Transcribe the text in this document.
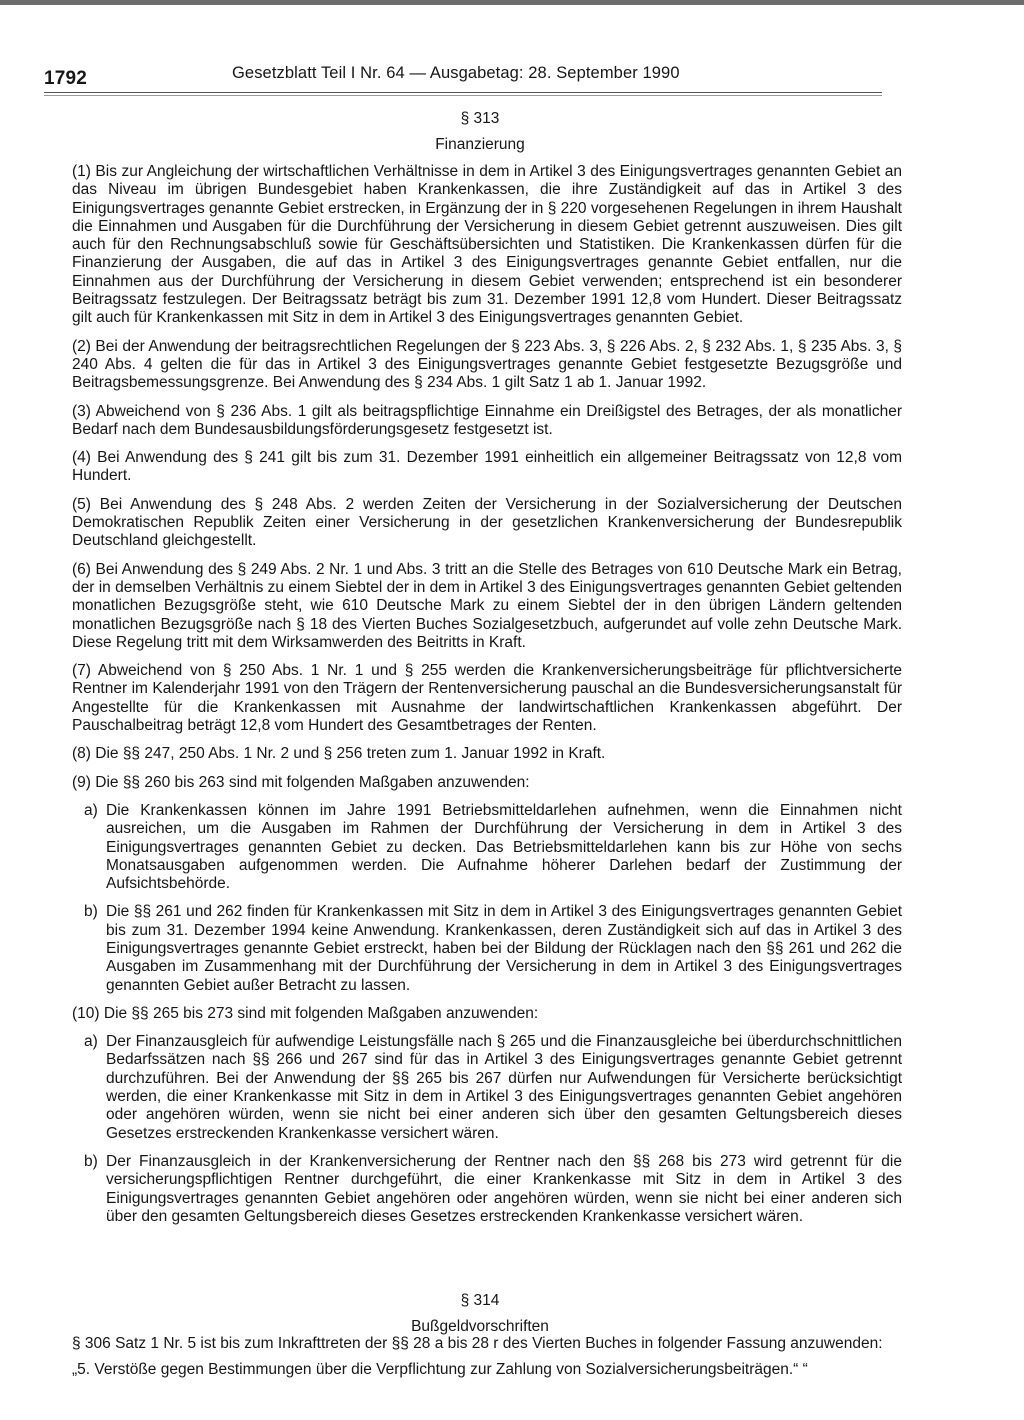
1792	Gesetzblatt Teil I Nr. 64 — Ausgabetag: 28. September 1990
§ 313
Finanzierung

(1) Bis zur Angleichung der wirtschaftlichen Verhältnisse in dem in Artikel 3 des Einigungsvertrages genannten Gebiet an das Niveau im übrigen Bundesgebiet haben Krankenkassen, die ihre Zuständigkeit auf das in Artikel 3 des Einigungsvertrages genannte Gebiet erstrecken, in Ergänzung der in § 220 vorgesehenen Regelungen in ihrem Haushalt die Einnahmen und Ausgaben für die Durchführung der Versicherung in diesem Gebiet getrennt auszuweisen. Dies gilt auch für den Rechnungsabschluß sowie für Geschäftsübersichten und Statistiken. Die Krankenkassen dürfen für die Finanzierung der Ausgaben, die auf das in Artikel 3 des Einigungsvertrages genannte Gebiet entfallen, nur die Einnahmen aus der Durchführung der Versicherung in diesem Gebiet verwenden; entsprechend ist ein besonderer Beitragssatz festzulegen. Der Beitragssatz beträgt bis zum 31. Dezember 1991 12,8 vom Hundert. Dieser Beitragssatz gilt auch für Krankenkassen mit Sitz in dem in Artikel 3 des Einigungsvertrages genannten Gebiet.

(2) Bei der Anwendung der beitragsrechtlichen Regelungen der § 223 Abs. 3, § 226 Abs. 2, § 232 Abs. 1, § 235 Abs. 3, § 240 Abs. 4 gelten die für das in Artikel 3 des Einigungsvertrages genannte Gebiet festgesetzte Bezugsgröße und Beitragsbemessungsgrenze. Bei Anwendung des § 234 Abs. 1 gilt Satz 1 ab 1. Januar 1992.

(3) Abweichend von § 236 Abs. 1 gilt als beitragspflichtige Einnahme ein Dreißigstel des Betrages, der als monatlicher Bedarf nach dem Bundesausbildungsförderungsgesetz festgesetzt ist.

(4) Bei Anwendung des § 241 gilt bis zum 31. Dezember 1991 einheitlich ein allgemeiner Beitragssatz von 12,8 vom Hundert.

(5) Bei Anwendung des § 248 Abs. 2 werden Zeiten der Versicherung in der Sozialversicherung der Deutschen Demokratischen Republik Zeiten einer Versicherung in der gesetzlichen Krankenversicherung der Bundesrepublik Deutschland gleichgestellt.

(6) Bei Anwendung des § 249 Abs. 2 Nr. 1 und Abs. 3 tritt an die Stelle des Betrages von 610 Deutsche Mark ein Betrag, der in demselben Verhältnis zu einem Siebtel der in dem in Artikel 3 des Einigungsvertrages genannten Gebiet geltenden monatlichen Bezugsgröße steht, wie 610 Deutsche Mark zu einem Siebtel der in den übrigen Ländern geltenden monatlichen Bezugsgröße nach § 18 des Vierten Buches Sozialgesetzbuch, aufgerundet auf volle zehn Deutsche Mark. Diese Regelung tritt mit dem Wirksamwerden des Beitritts in Kraft.

(7) Abweichend von § 250 Abs. 1 Nr. 1 und § 255 werden die Krankenversicherungsbeiträge für pflichtversicherte Rentner im Kalenderjahr 1991 von den Trägern der Rentenversicherung pauschal an die Bundesversicherungsanstalt für Angestellte für die Krankenkassen mit Ausnahme der landwirtschaftlichen Krankenkassen abgeführt. Der Pauschalbeitrag beträgt 12,8 vom Hundert des Gesamtbetrages der Renten.

(8) Die §§ 247, 250 Abs. 1 Nr. 2 und § 256 treten zum 1. Januar 1992 in Kraft.

(9) Die §§ 260 bis 263 sind mit folgenden Maßgaben anzuwenden:

a) Die Krankenkassen können im Jahre 1991 Betriebsmitteldarlehen aufnehmen, wenn die Einnahmen nicht ausreichen, um die Ausgaben im Rahmen der Durchführung der Versicherung in dem in Artikel 3 des Einigungsvertrages genannten Gebiet zu decken. Das Betriebsmitteldarlehen kann bis zur Höhe von sechs Monatsausgaben aufgenommen werden. Die Aufnahme höherer Darlehen bedarf der Zustimmung der Aufsichtsbehörde.
b) Die §§ 261 und 262 finden für Krankenkassen mit Sitz in dem in Artikel 3 des Einigungsvertrages genannten Gebiet bis zum 31. Dezember 1994 keine Anwendung. Krankenkassen, deren Zuständigkeit sich auf das in Artikel 3 des Einigungsvertrages genannte Gebiet erstreckt, haben bei der Bildung der Rücklagen nach den §§ 261 und 262 die Ausgaben im Zusammenhang mit der Durchführung der Versicherung in dem in Artikel 3 des Einigungsvertrages genannten Gebiet außer Betracht zu lassen.

(10) Die §§ 265 bis 273 sind mit folgenden Maßgaben anzuwenden:

a) Der Finanzausgleich für aufwendige Leistungsfälle nach § 265 und die Finanzausgleiche bei überdurchschnittlichen Bedarfssätzen nach §§ 266 und 267 sind für das in Artikel 3 des Einigungsvertrages genannte Gebiet getrennt durchzuführen. Bei der Anwendung der §§ 265 bis 267 dürfen nur Aufwendungen für Versicherte berücksichtigt werden, die einer Krankenkasse mit Sitz in dem in Artikel 3 des Einigungsvertrages genannten Gebiet angehören oder angehören würden, wenn sie nicht bei einer anderen sich über den gesamten Geltungsbereich dieses Gesetzes erstreckenden Krankenkasse versichert wären.
b) Der Finanzausgleich in der Krankenversicherung der Rentner nach den §§ 268 bis 273 wird getrennt für die versicherungspflichtigen Rentner durchgeführt, die einer Krankenkasse mit Sitz in dem in Artikel 3 des Einigungsvertrages genannten Gebiet angehören oder angehören würden, wenn sie nicht bei einer anderen sich über den gesamten Geltungsbereich dieses Gesetzes erstreckenden Krankenkasse versichert wären.
§ 314
Bußgeldvorschriften

§ 306 Satz 1 Nr. 5 ist bis zum Inkrafttreten der §§ 28 a bis 28 r des Vierten Buches in folgender Fassung anzuwenden:

„5. Verstöße gegen Bestimmungen über die Verpflichtung zur Zahlung von Sozialversicherungsbeiträgen.“ “
